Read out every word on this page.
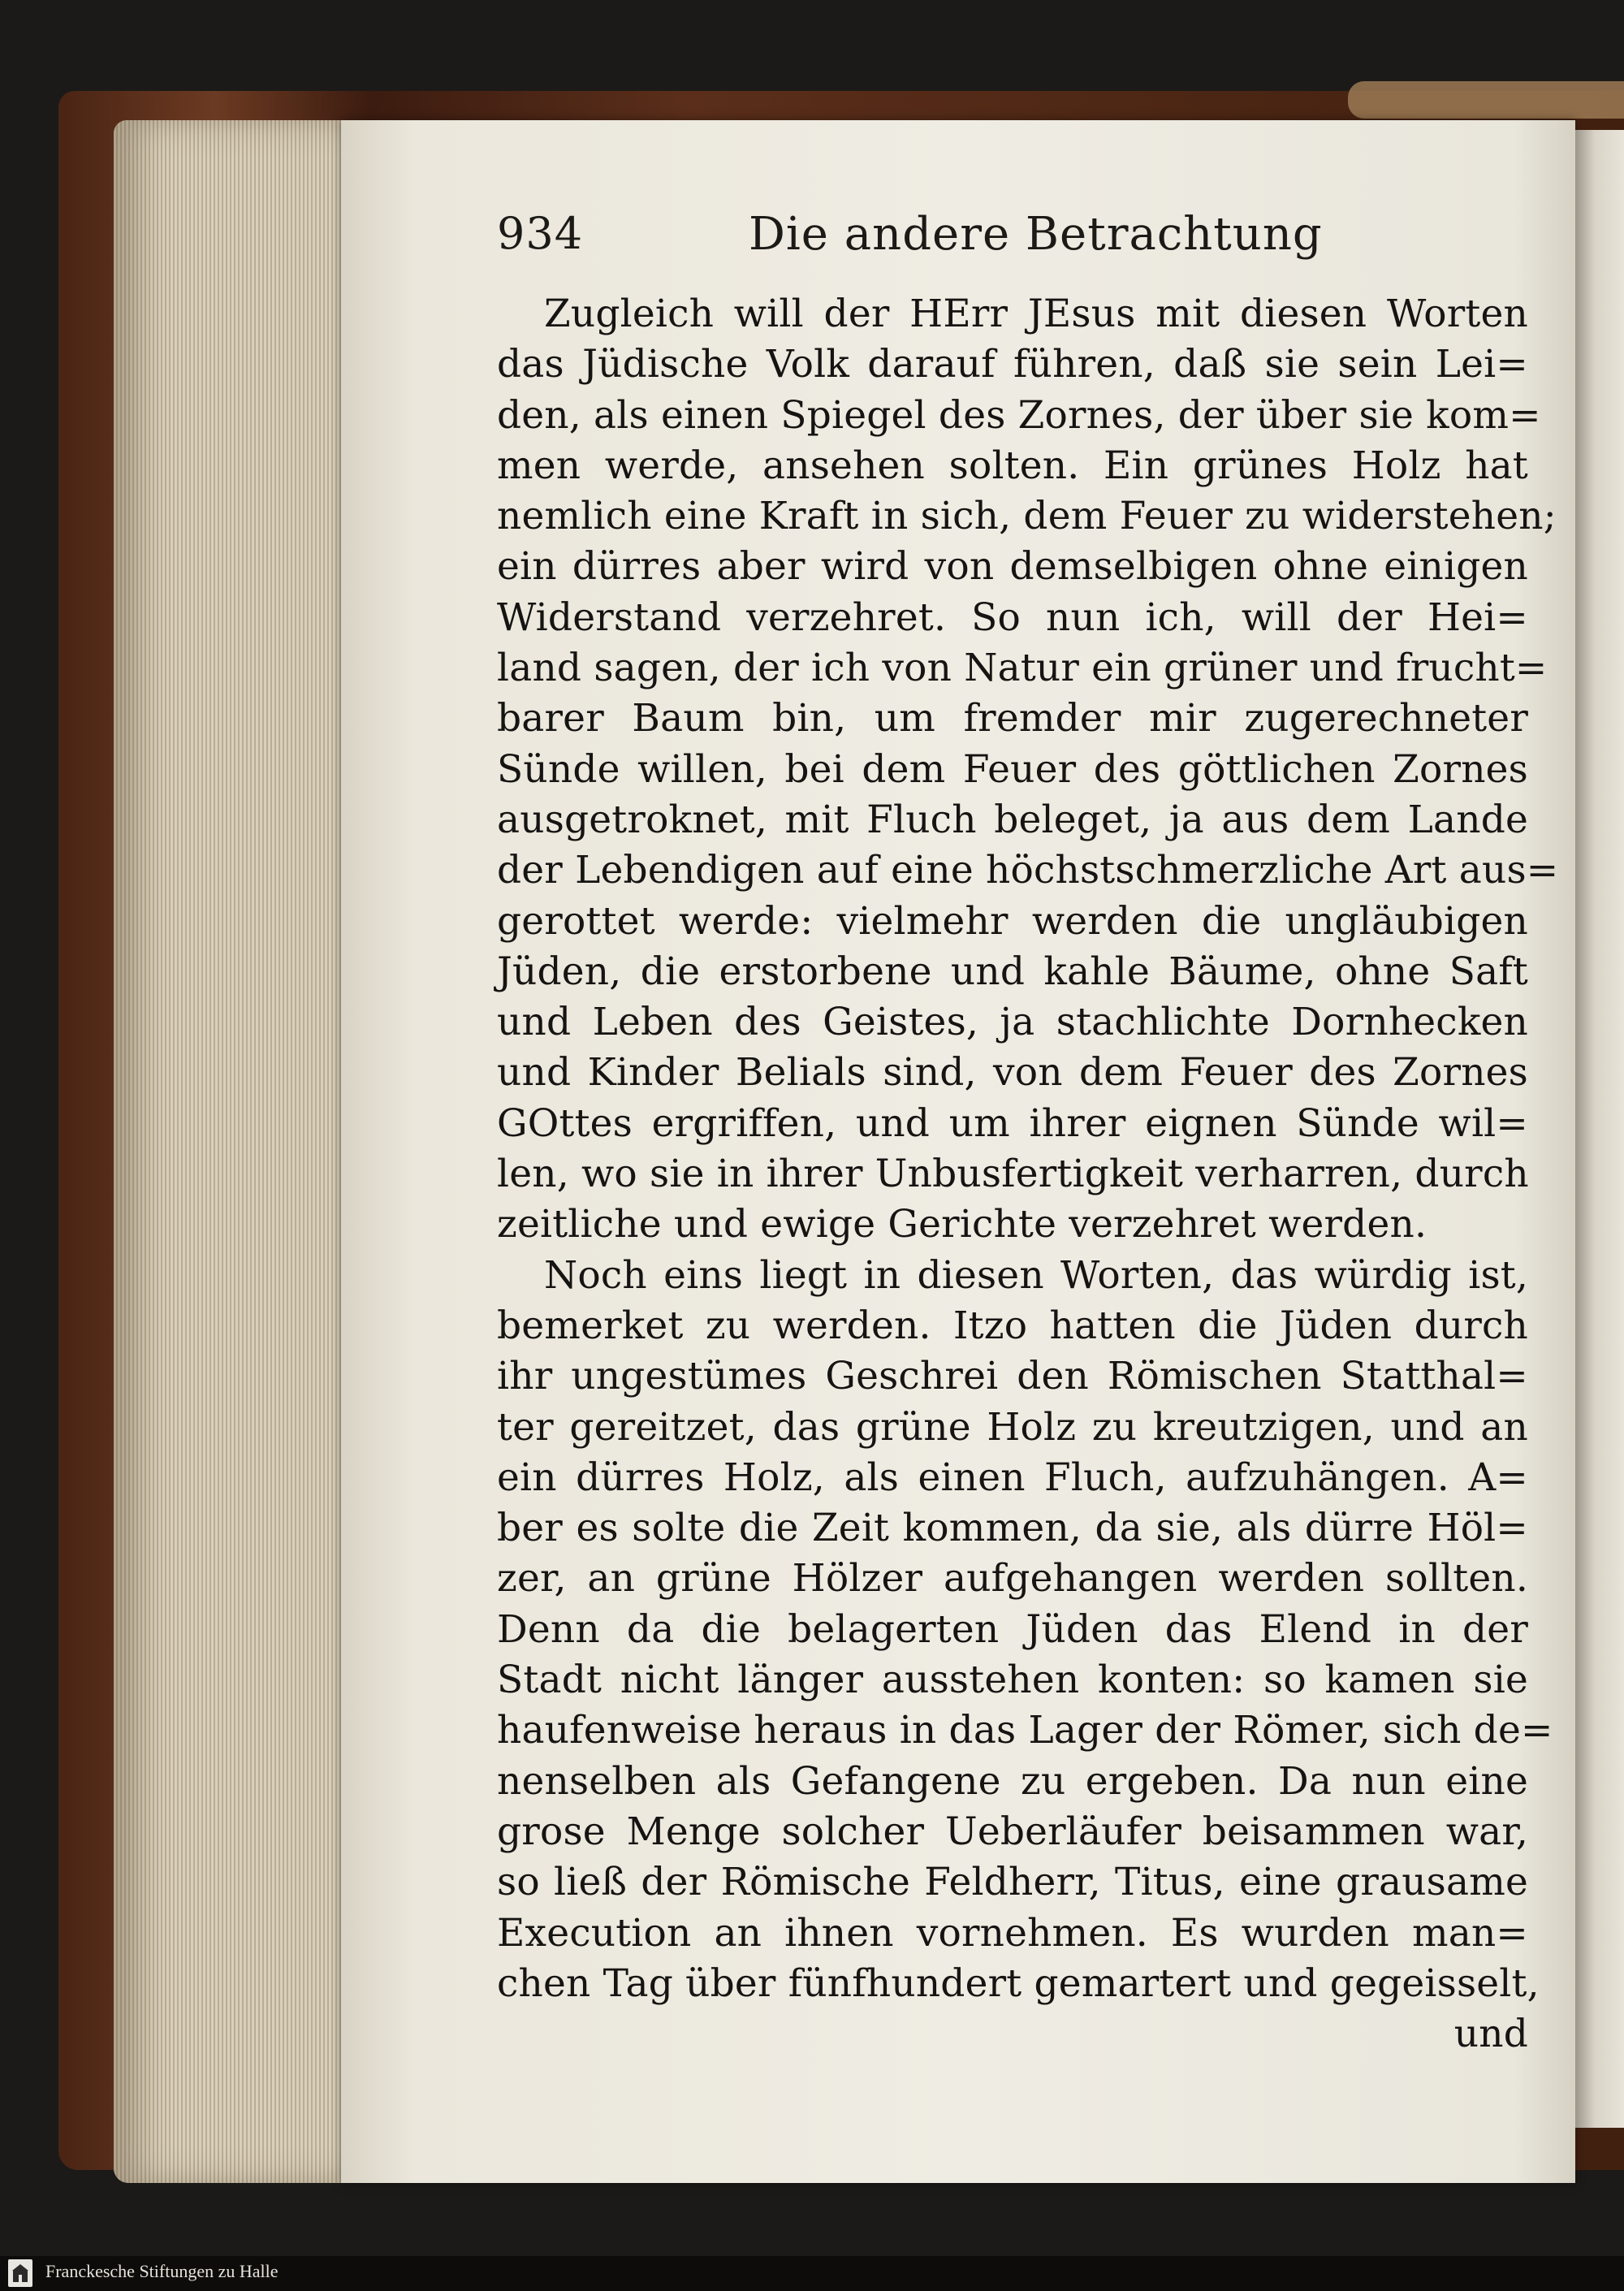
934	Die andere Betrachtung
Zugleich will der HErr JEsus mit diesen Worten
das Jüdische Volk darauf führen, daß sie sein Lei=
den, als einen Spiegel des Zornes, der über sie kom=
men werde, ansehen solten. Ein grünes Holz hat
nemlich eine Kraft in sich, dem Feuer zu widerstehen;
ein dürres aber wird von demselbigen ohne einigen
Widerstand verzehret. So nun ich, will der Hei=
land sagen, der ich von Natur ein grüner und frucht=
barer Baum bin, um fremder mir zugerechneter
Sünde willen, bei dem Feuer des göttlichen Zornes
ausgetroknet, mit Fluch beleget, ja aus dem Lande
der Lebendigen auf eine höchstschmerzliche Art aus=
gerottet werde: vielmehr werden die ungläubigen
Jüden, die erstorbene und kahle Bäume, ohne Saft
und Leben des Geistes, ja stachlichte Dornhecken
und Kinder Belials sind, von dem Feuer des Zornes
GOttes ergriffen, und um ihrer eignen Sünde wil=
len, wo sie in ihrer Unbusfertigkeit verharren, durch
zeitliche und ewige Gerichte verzehret werden.
Noch eins liegt in diesen Worten, das würdig ist,
bemerket zu werden. Itzo hatten die Jüden durch
ihr ungestümes Geschrei den Römischen Statthal=
ter gereitzet, das grüne Holz zu kreutzigen, und an
ein dürres Holz, als einen Fluch, aufzuhängen. A=
ber es solte die Zeit kommen, da sie, als dürre Höl=
zer, an grüne Hölzer aufgehangen werden sollten.
Denn da die belagerten Jüden das Elend in der
Stadt nicht länger ausstehen konten: so kamen sie
haufenweise heraus in das Lager der Römer, sich de=
nenselben als Gefangene zu ergeben. Da nun eine
grose Menge solcher Ueberläufer beisammen war,
so ließ der Römische Feldherr, Titus, eine grausame
Execution an ihnen vornehmen. Es wurden man=
chen Tag über fünfhundert gemartert und gegeisselt,
und
Franckesche Stiftungen zu Halle
